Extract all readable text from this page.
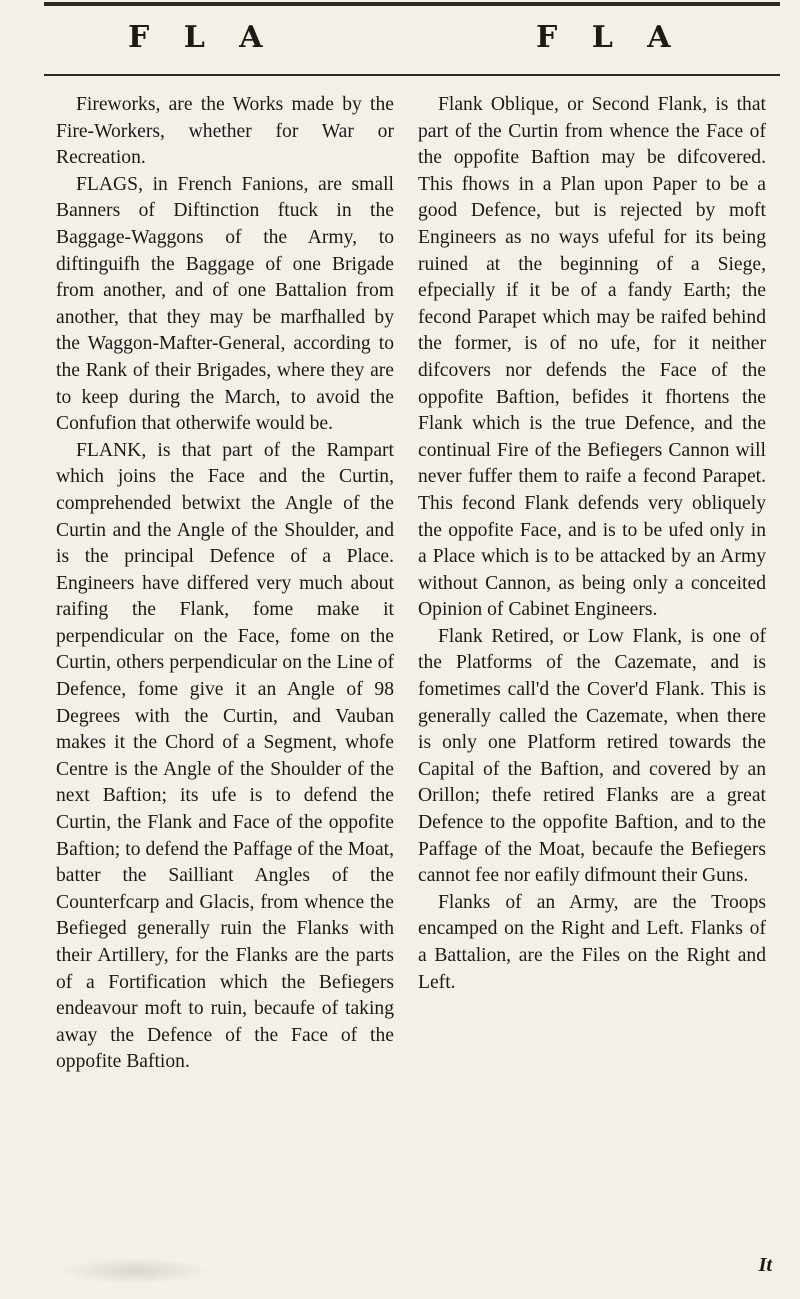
F L A	F L A

Fireworks, are the Works made by the Fire-Workers, whether for War or Recreation.

FLAGS, in French Fanions, are small Banners of Diftinction ftuck in the Baggage-Waggons of the Army, to diftinguifh the Baggage of one Brigade from another, and of one Battalion from another, that they may be marfhalled by the Waggon-Mafter-General, according to the Rank of their Brigades, where they are to keep during the March, to avoid the Confufion that otherwife would be.

FLANK, is that part of the Rampart which joins the Face and the Curtin, comprehended betwixt the Angle of the Curtin and the Angle of the Shoulder, and is the principal Defence of a Place. Engineers have differed very much about raifing the Flank, fome make it perpendicular on the Face, fome on the Curtin, others perpendicular on the Line of Defence, fome give it an Angle of 98 Degrees with the Curtin, and Vauban makes it the Chord of a Segment, whofe Centre is the Angle of the Shoulder of the next Baftion; its ufe is to defend the Curtin, the Flank and Face of the oppofite Baftion; to defend the Paffage of the Moat, batter the Sailliant Angles of the Counterfcarp and Glacis, from whence the Befieged generally ruin the Flanks with their Artillery, for the Flanks are the parts of a Fortification which the Befiegers endeavour moft to ruin, becaufe of taking away the Defence of the Face of the oppofite Baftion.

Flank Oblique, or Second Flank, is that part of the Curtin from whence the Face of the oppofite Baftion may be difcovered. This fhows in a Plan upon Paper to be a good Defence, but is rejected by moft Engineers as no ways ufeful for its being ruined at the beginning of a Siege, efpecially if it be of a fandy Earth; the fecond Parapet which may be raifed behind the former, is of no ufe, for it neither difcovers nor defends the Face of the oppofite Baftion, befides it fhortens the Flank which is the true Defence, and the continual Fire of the Befiegers Cannon will never fuffer them to raife a fecond Parapet. This fecond Flank defends very obliquely the oppofite Face, and is to be ufed only in a Place which is to be attacked by an Army without Cannon, as being only a conceited Opinion of Cabinet Engineers.

Flank Retired, or Low Flank, is one of the Platforms of the Cazemate, and is fometimes call'd the Cover'd Flank. This is generally called the Cazemate, when there is only one Platform retired towards the Capital of the Baftion, and covered by an Orillon; thefe retired Flanks are a great Defence to the oppofite Baftion, and to the Paffage of the Moat, becaufe the Befiegers cannot fee nor eafily difmount their Guns.

Flanks of an Army, are the Troops encamped on the Right and Left. Flanks of a Battalion, are the Files on the Right and Left.

It
